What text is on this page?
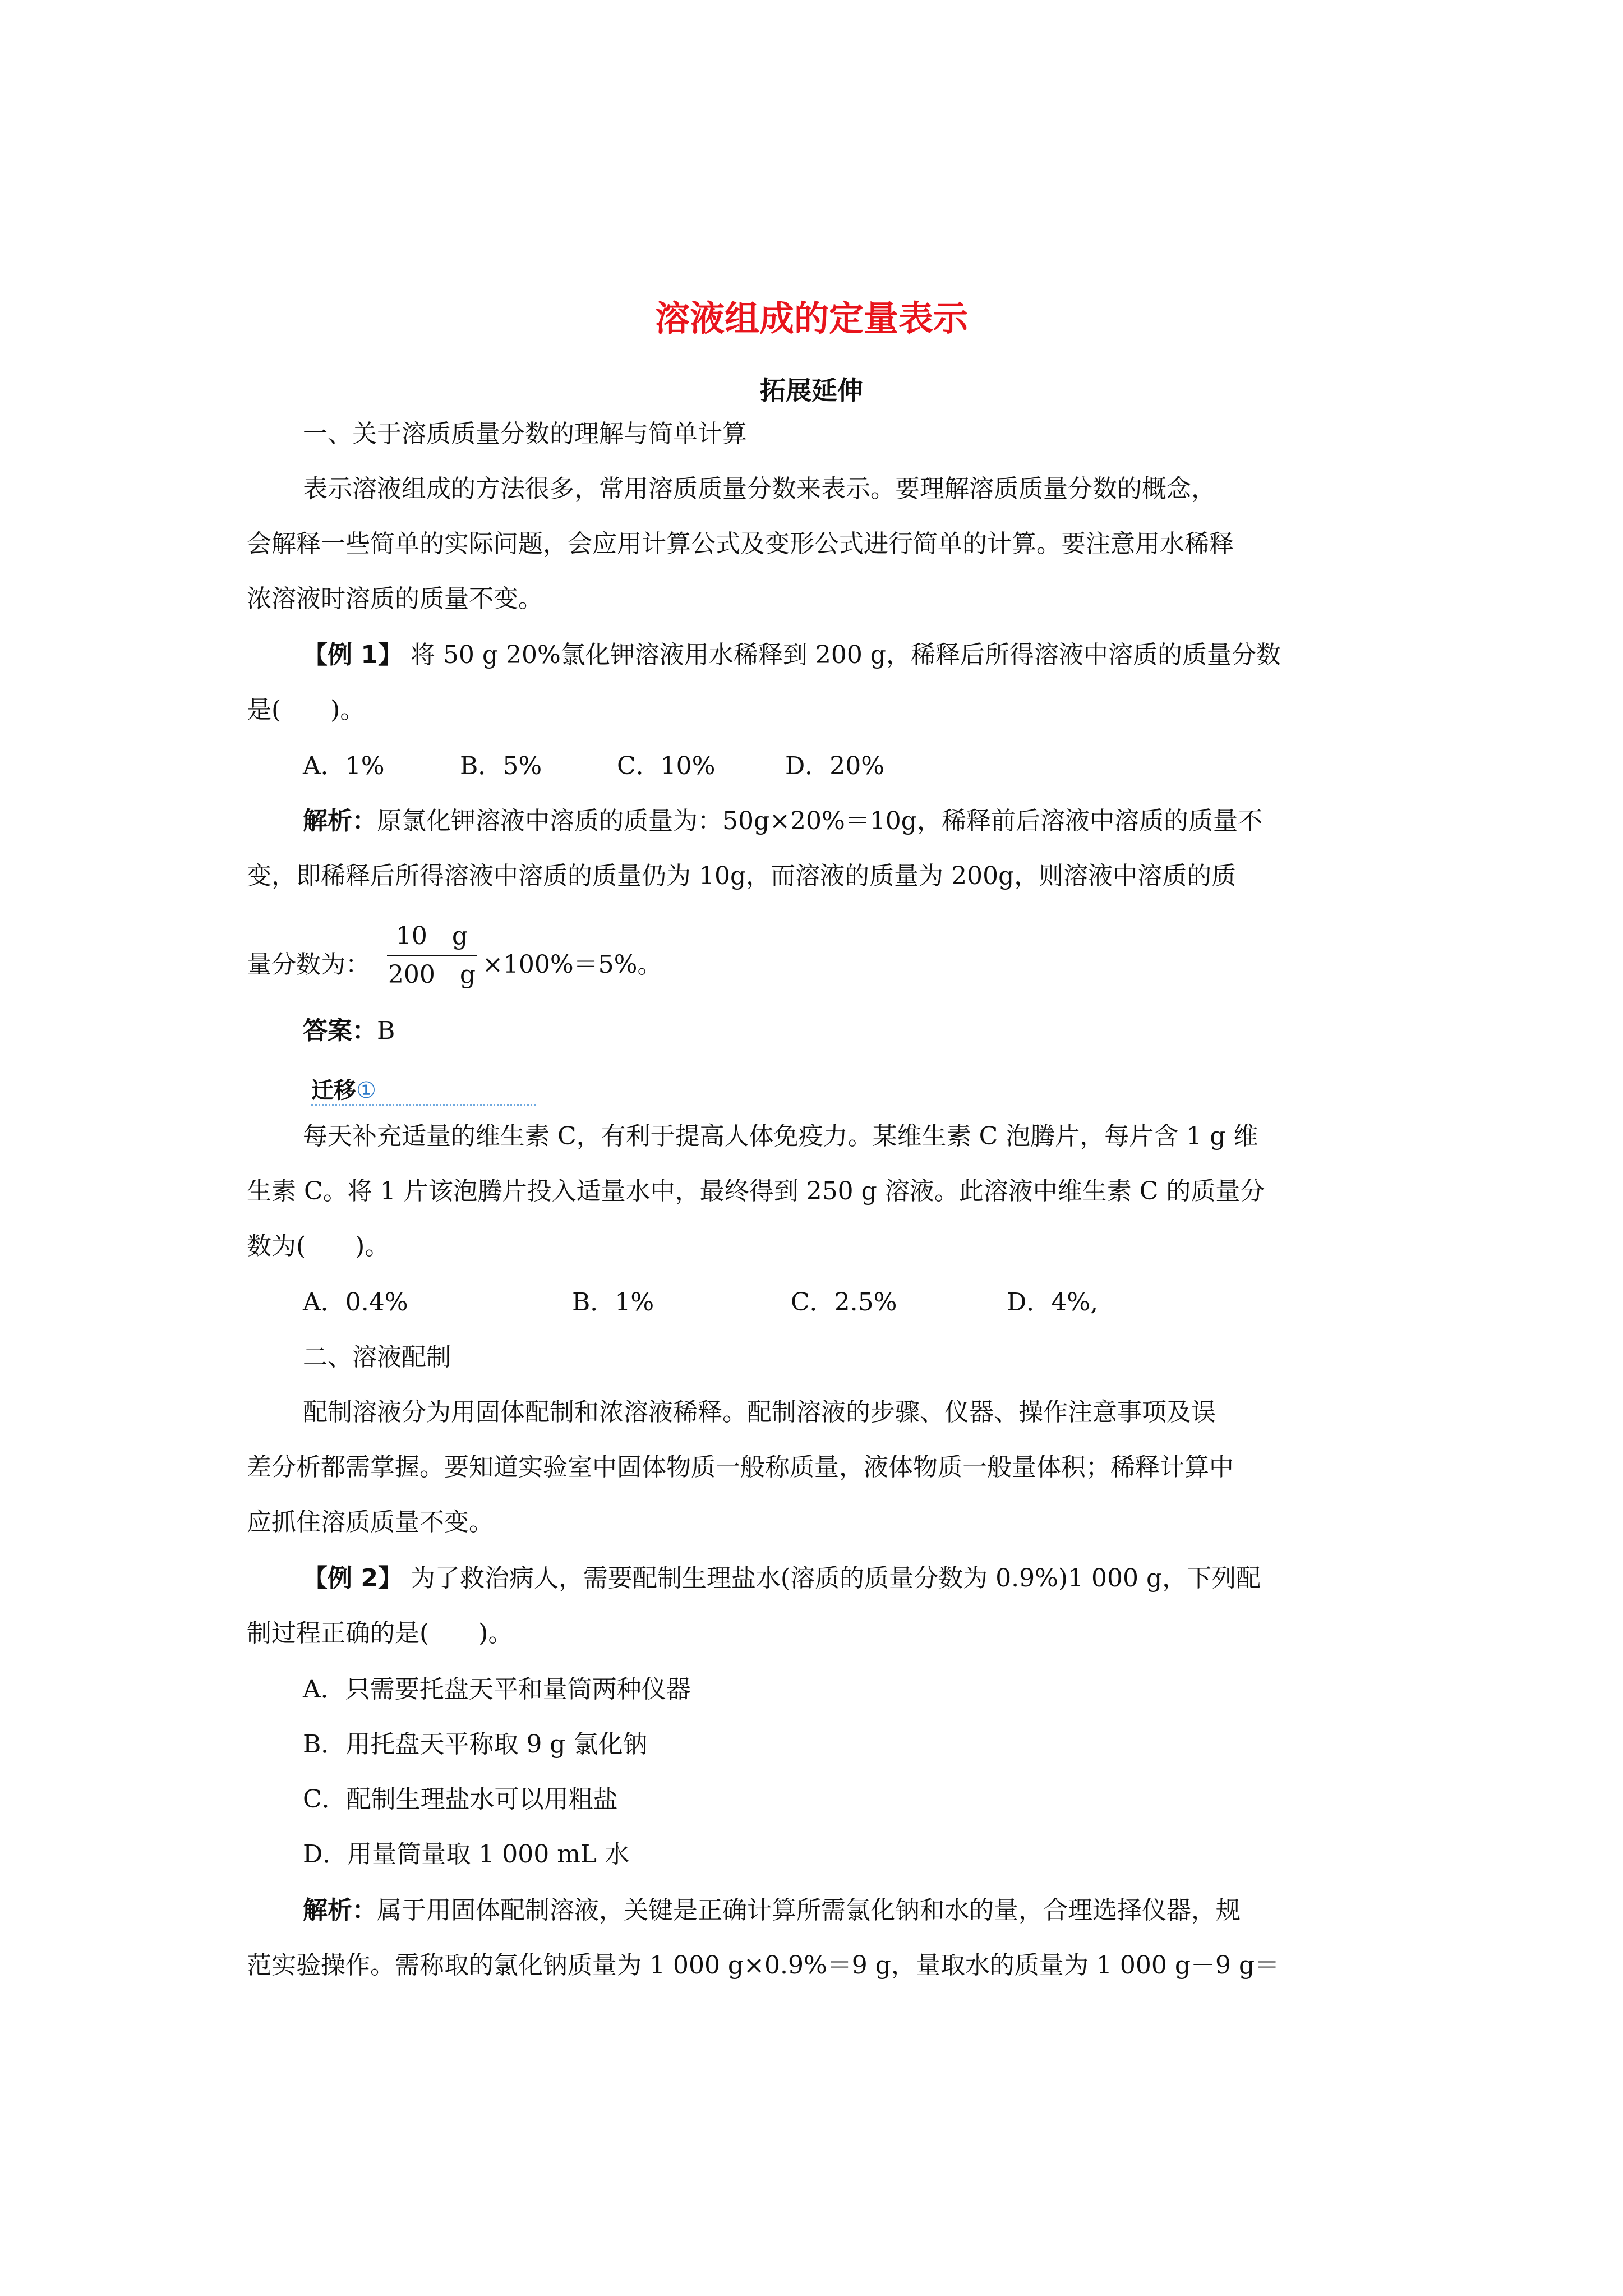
溶液组成的定量表示
拓展延伸
一、关于溶质质量分数的理解与简单计算
表示溶液组成的方法很多，常用溶质质量分数来表示。要理解溶质质量分数的概念，
会解释一些简单的实际问题，会应用计算公式及变形公式进行简单的计算。要注意用水稀释
浓溶液时溶质的质量不变。
【例 1】 将 50 g 20%氯化钾溶液用水稀释到 200 g，稀释后所得溶液中溶质的质量分数
是(　　)。
A．1%	B．5%	C．10%	D．20%
解析：原氯化钾溶液中溶质的质量为：50g×20%＝10g，稀释前后溶液中溶质的质量不
变，即稀释后所得溶液中溶质的质量仍为 10g，而溶液的质量为 200g，则溶液中溶质的质
量分数为：
10　g
200　g ×100%＝5%。
答案：B
迁移①
每天补充适量的维生素 C，有利于提高人体免疫力。某维生素 C 泡腾片，每片含 1 g 维
生素 C。将 1 片该泡腾片投入适量水中，最终得到 250 g 溶液。此溶液中维生素 C 的质量分
数为(　　)。
A．0.4%	B．1%	C．2.5%	D．4%,
二、溶液配制
配制溶液分为用固体配制和浓溶液稀释。配制溶液的步骤、仪器、操作注意事项及误
差分析都需掌握。要知道实验室中固体物质一般称质量，液体物质一般量体积；稀释计算中
应抓住溶质质量不变。
【例 2】 为了救治病人，需要配制生理盐水(溶质的质量分数为 0.9%)1 000 g，下列配
制过程正确的是(　　)。
A．只需要托盘天平和量筒两种仪器
B．用托盘天平称取 9 g 氯化钠
C．配制生理盐水可以用粗盐
D．用量筒量取 1 000 mL 水
解析：属于用固体配制溶液，关键是正确计算所需氯化钠和水的量，合理选择仪器，规
范实验操作。需称取的氯化钠质量为 1 000 g×0.9%＝9 g，量取水的质量为 1 000 g－9 g＝
